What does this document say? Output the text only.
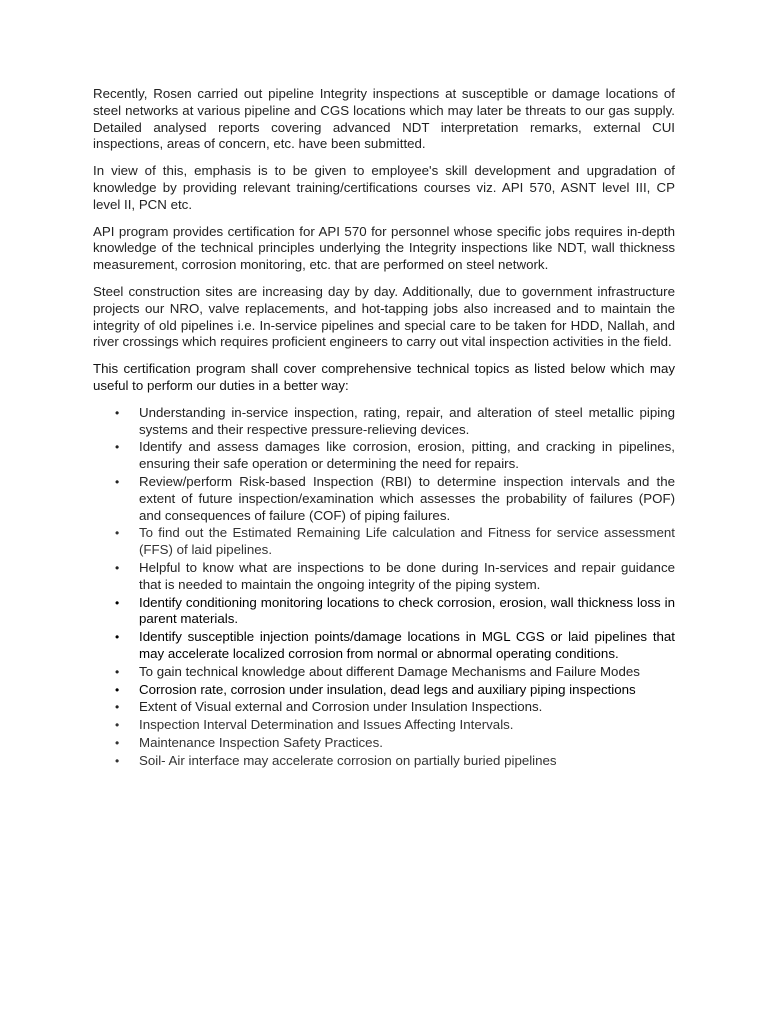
Recently, Rosen carried out pipeline Integrity inspections at susceptible or damage locations of steel networks at various pipeline and CGS locations which may later be threats to our gas supply. Detailed analysed reports covering advanced NDT interpretation remarks, external CUI inspections, areas of concern, etc. have been submitted.

In view of this, emphasis is to be given to employee's skill development and upgradation of knowledge by providing relevant training/certifications courses viz. API 570, ASNT level III, CP level II, PCN etc.

API program provides certification for API 570 for personnel whose specific jobs requires in-depth knowledge of the technical principles underlying the Integrity inspections like NDT, wall thickness measurement, corrosion monitoring, etc. that are performed on steel network.

Steel construction sites are increasing day by day. Additionally, due to government infrastructure projects our NRO, valve replacements, and hot-tapping jobs also increased and to maintain the integrity of old pipelines i.e. In-service pipelines and special care to be taken for HDD, Nallah, and river crossings which requires proficient engineers to carry out vital inspection activities in the field.

This certification program shall cover comprehensive technical topics as listed below which may useful to perform our duties in a better way:

• Understanding in-service inspection, rating, repair, and alteration of steel metallic piping systems and their respective pressure-relieving devices.
• Identify and assess damages like corrosion, erosion, pitting, and cracking in pipelines, ensuring their safe operation or determining the need for repairs.
• Review/perform Risk-based Inspection (RBI) to determine inspection intervals and the extent of future inspection/examination which assesses the probability of failures (POF) and consequences of failure (COF) of piping failures.
• To find out the Estimated Remaining Life calculation and Fitness for service assessment (FFS) of laid pipelines.
• Helpful to know what are inspections to be done during In-services and repair guidance that is needed to maintain the ongoing integrity of the piping system.
• Identify conditioning monitoring locations to check corrosion, erosion, wall thickness loss in parent materials.
• Identify susceptible injection points/damage locations in MGL CGS or laid pipelines that may accelerate localized corrosion from normal or abnormal operating conditions.
• To gain technical knowledge about different Damage Mechanisms and Failure Modes
• Corrosion rate, corrosion under insulation, dead legs and auxiliary piping inspections
• Extent of Visual external and Corrosion under Insulation Inspections.
• Inspection Interval Determination and Issues Affecting Intervals.
• Maintenance Inspection Safety Practices.
• Soil- Air interface may accelerate corrosion on partially buried pipelines
